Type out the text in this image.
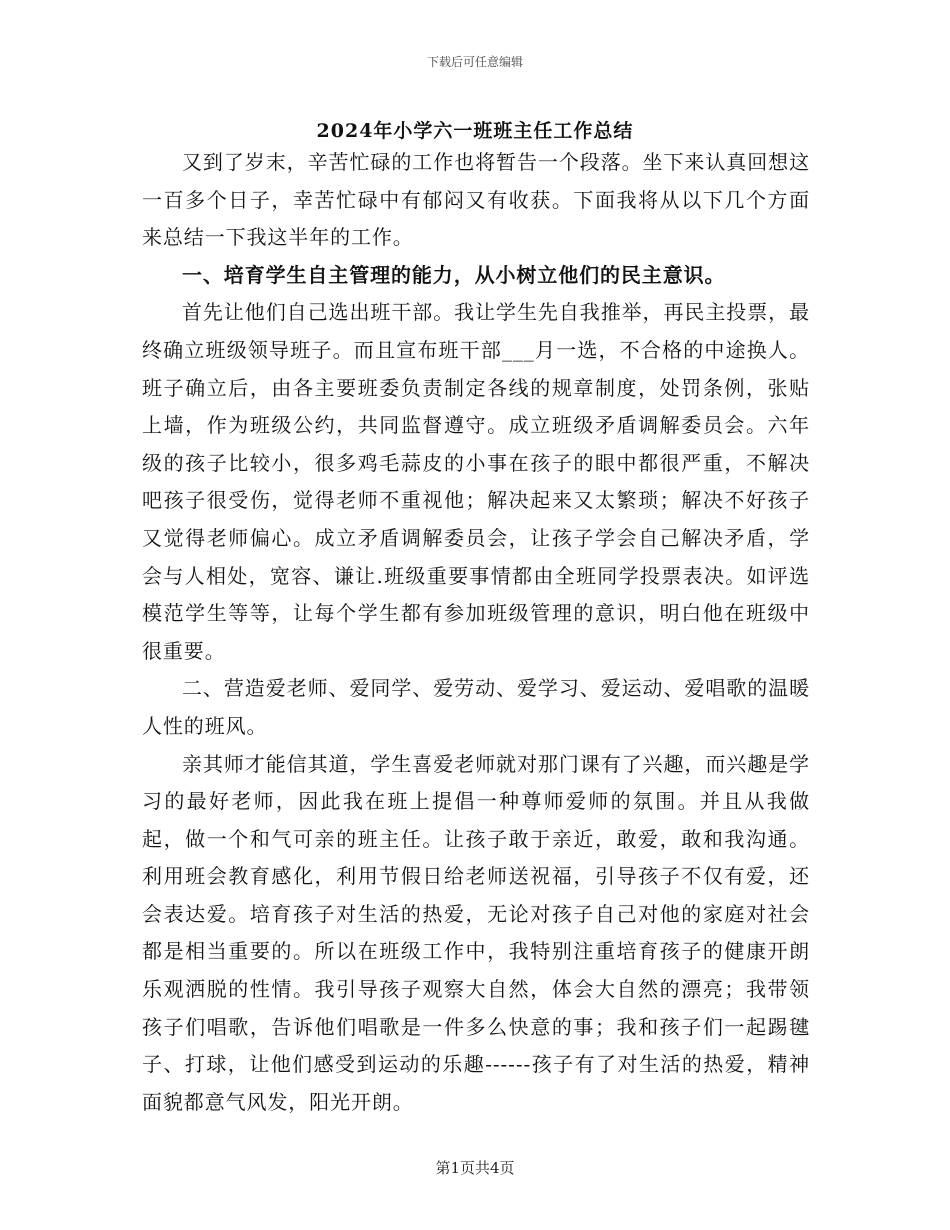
下载后可任意编辑
2024年小学六一班班主任工作总结

又到了岁末，辛苦忙碌的工作也将暂告一个段落。坐下来认真回想这一百多个日子，幸苦忙碌中有郁闷又有收获。下面我将从以下几个方面来总结一下我这半年的工作。

一、培育学生自主管理的能力，从小树立他们的民主意识。

首先让他们自己选出班干部。我让学生先自我推举，再民主投票，最终确立班级领导班子。而且宣布班干部___月一选，不合格的中途换人。班子确立后，由各主要班委负责制定各线的规章制度，处罚条例，张贴上墙，作为班级公约，共同监督遵守。成立班级矛盾调解委员会。六年级的孩子比较小，很多鸡毛蒜皮的小事在孩子的眼中都很严重，不解决吧孩子很受伤，觉得老师不重视他；解决起来又太繁琐；解决不好孩子又觉得老师偏心。成立矛盾调解委员会，让孩子学会自己解决矛盾，学会与人相处，宽容、谦让.班级重要事情都由全班同学投票表决。如评选模范学生等等，让每个学生都有参加班级管理的意识，明白他在班级中很重要。

二、营造爱老师、爱同学、爱劳动、爱学习、爱运动、爱唱歌的温暖人性的班风。

亲其师才能信其道，学生喜爱老师就对那门课有了兴趣，而兴趣是学习的最好老师，因此我在班上提倡一种尊师爱师的氛围。并且从我做起，做一个和气可亲的班主任。让孩子敢于亲近，敢爱，敢和我沟通。利用班会教育感化，利用节假日给老师送祝福，引导孩子不仅有爱，还会表达爱。培育孩子对生活的热爱，无论对孩子自己对他的家庭对社会都是相当重要的。所以在班级工作中，我特别注重培育孩子的健康开朗乐观洒脱的性情。我引导孩子观察大自然，体会大自然的漂亮；我带领孩子们唱歌，告诉他们唱歌是一件多么快意的事；我和孩子们一起踢毽子、打球，让他们感受到运动的乐趣------孩子有了对生活的热爱，精神面貌都意气风发，阳光开朗。

第1页共4页
